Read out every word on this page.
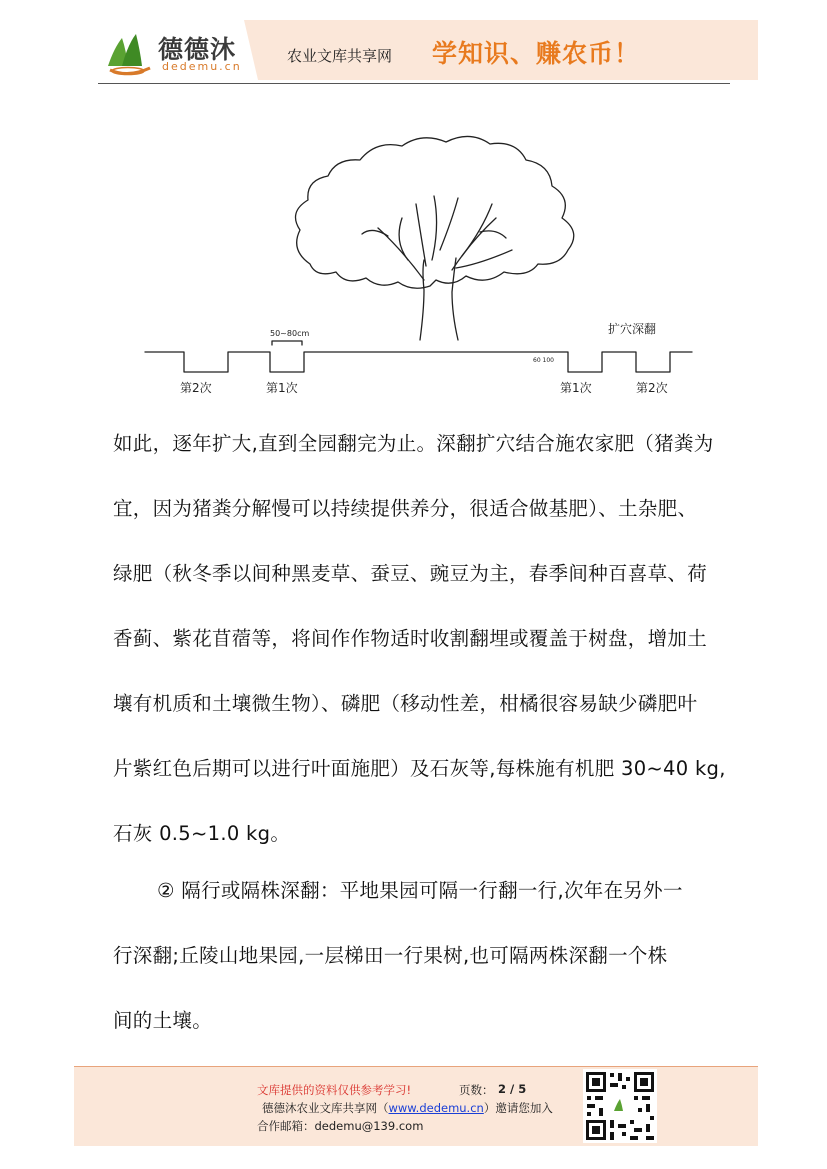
德德沐
dedemu.cn
农业文库共享网 学知识、赚农币！
50~80cm	扩穴深翻
60 100
第2次	第1次	第1次	第2次
如此，逐年扩大,直到全园翻完为止。深翻扩穴结合施农家肥（猪粪为
宜，因为猪粪分解慢可以持续提供养分，很适合做基肥）、土杂肥、
绿肥（秋冬季以间种黑麦草、蚕豆、豌豆为主，春季间种百喜草、荷
香蓟、紫花苜蓿等，将间作作物适时收割翻埋或覆盖于树盘，增加土
壤有机质和土壤微生物）、磷肥（移动性差，柑橘很容易缺少磷肥叶
片紫红色后期可以进行叶面施肥）及石灰等,每株施有机肥 30~40 kg,
石灰 0.5~1.0 kg。
② 隔行或隔株深翻：平地果园可隔一行翻一行,次年在另外一
行深翻;丘陵山地果园,一层梯田一行果树,也可隔两株深翻一个株
间的土壤。
文库提供的资料仅供参考学习!	页数： 2 / 5
德德沐农业文库共享网（www.dedemu.cn）邀请您加入
合作邮箱：dedemu@139.com
